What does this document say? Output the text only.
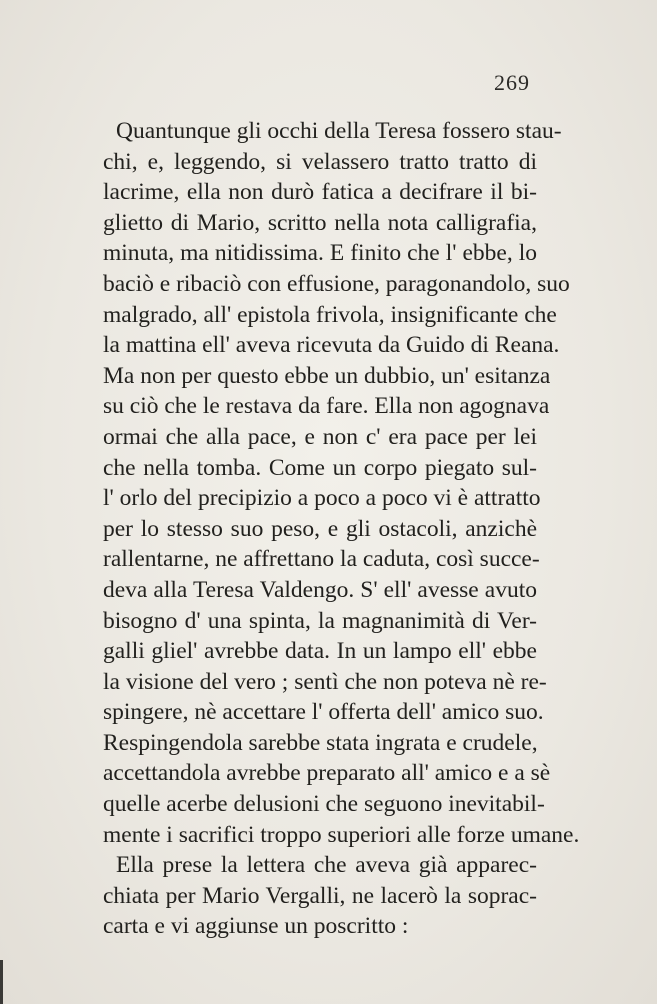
269
Quantunque gli occhi della Teresa fossero stau-
chi, e, leggendo, si velassero tratto tratto di
lacrime, ella non durò fatica a decifrare il bi-
glietto di Mario, scritto nella nota calligrafia,
minuta, ma nitidissima. E finito che l' ebbe, lo
baciò e ribaciò con effusione, paragonandolo, suo
malgrado, all' epistola frivola, insignificante che
la mattina ell' aveva ricevuta da Guido di Reana.
Ma non per questo ebbe un dubbio, un' esitanza
su ciò che le restava da fare. Ella non agognava
ormai che alla pace, e non c' era pace per lei
che nella tomba. Come un corpo piegato sul-
l' orlo del precipizio a poco a poco vi è attratto
per lo stesso suo peso, e gli ostacoli, anzichè
rallentarne, ne affrettano la caduta, così succe-
deva alla Teresa Valdengo. S' ell' avesse avuto
bisogno d' una spinta, la magnanimità di Ver-
galli gliel' avrebbe data. In un lampo ell' ebbe
la visione del vero ; sentì che non poteva nè re-
spingere, nè accettare l' offerta dell' amico suo.
Respingendola sarebbe stata ingrata e crudele,
accettandola avrebbe preparato all' amico e a sè
quelle acerbe delusioni che seguono inevitabil-
mente i sacrifici troppo superiori alle forze umane.
Ella prese la lettera che aveva già apparec-
chiata per Mario Vergalli, ne lacerò la soprac-
carta e vi aggiunse un poscritto :
